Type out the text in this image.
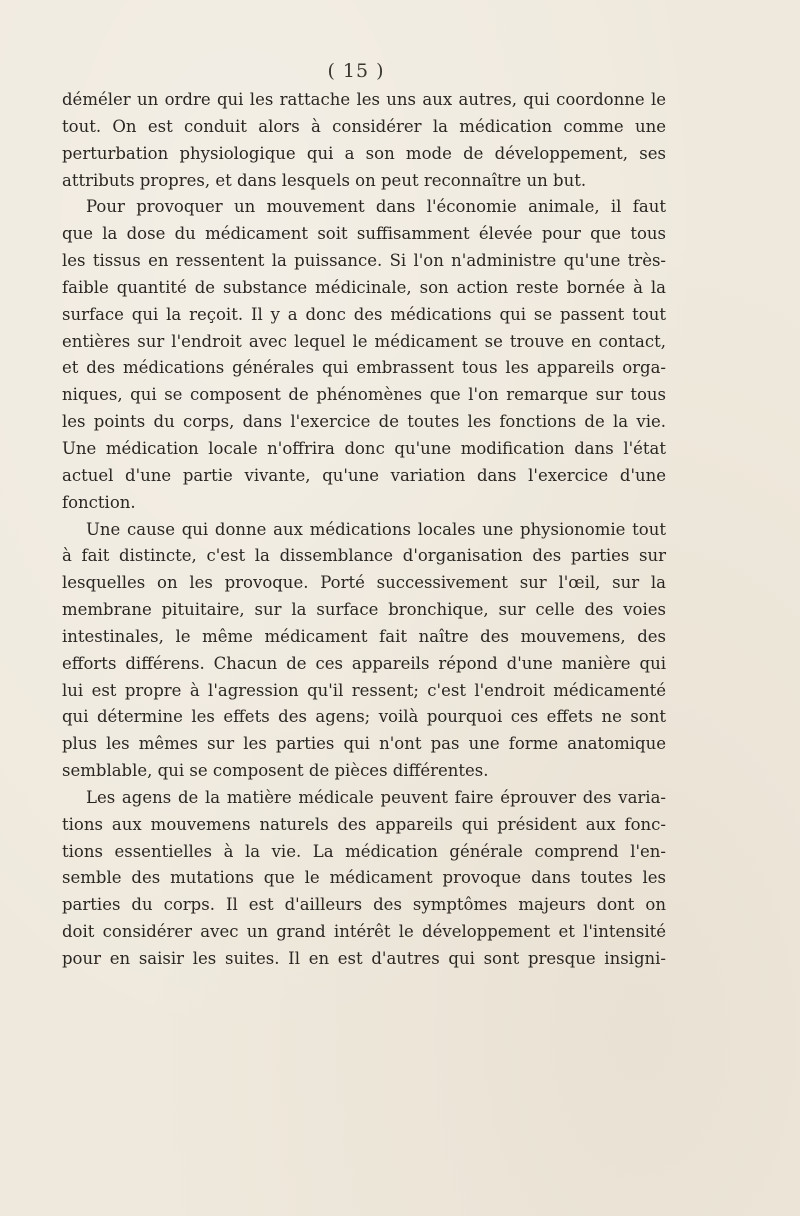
( 15 )
déméler un ordre qui les rattache les uns aux autres, qui coordonne le
tout. On est conduit alors à considérer la médication comme une
perturbation physiologique qui a son mode de développement, ses
attributs propres, et dans lesquels on peut reconnaître un but.
Pour provoquer un mouvement dans l'économie animale, il faut
que la dose du médicament soit suffisamment élevée pour que tous
les tissus en ressentent la puissance. Si l'on n'administre qu'une très-
faible quantité de substance médicinale, son action reste bornée à la
surface qui la reçoit. Il y a donc des médications qui se passent tout
entières sur l'endroit avec lequel le médicament se trouve en contact,
et des médications générales qui embrassent tous les appareils orga-
niques, qui se composent de phénomènes que l'on remarque sur tous
les points du corps, dans l'exercice de toutes les fonctions de la vie.
Une médication locale n'offrira donc qu'une modification dans l'état
actuel d'une partie vivante, qu'une variation dans l'exercice d'une
fonction.
Une cause qui donne aux médications locales une physionomie tout
à fait distincte, c'est la dissemblance d'organisation des parties sur
lesquelles on les provoque. Porté successivement sur l'œil, sur la
membrane pituitaire, sur la surface bronchique, sur celle des voies
intestinales, le même médicament fait naître des mouvemens, des
efforts différens. Chacun de ces appareils répond d'une manière qui
lui est propre à l'agression qu'il ressent; c'est l'endroit médicamenté
qui détermine les effets des agens; voilà pourquoi ces effets ne sont
plus les mêmes sur les parties qui n'ont pas une forme anatomique
semblable, qui se composent de pièces différentes.
Les agens de la matière médicale peuvent faire éprouver des varia-
tions aux mouvemens naturels des appareils qui président aux fonc-
tions essentielles à la vie. La médication générale comprend l'en-
semble des mutations que le médicament provoque dans toutes les
parties du corps. Il est d'ailleurs des symptômes majeurs dont on
doit considérer avec un grand intérêt le développement et l'intensité
pour en saisir les suites. Il en est d'autres qui sont presque insigni-
